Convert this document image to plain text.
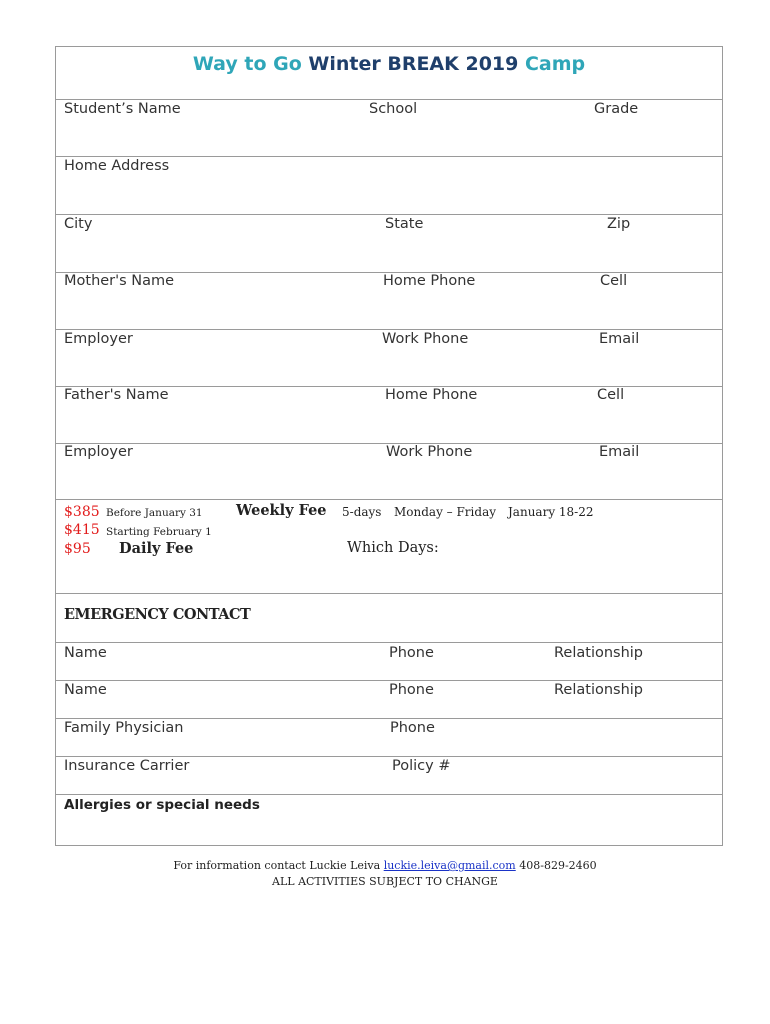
Way to Go Winter BREAK 2019 Camp
Student’s Name	School	Grade
Home Address
City	State	Zip
Mother's Name	Home Phone	Cell
Employer	Work Phone	Email
Father's Name	Home Phone	Cell
Employer	Work Phone	Email
$385 Before January 31 Weekly Fee 5-days Monday – Friday January 18-22
$415 Starting February 1
$95 Daily Fee	Which Days:
EMERGENCY CONTACT
Name	Phone	Relationship
Name	Phone	Relationship
Family Physician	Phone
Insurance Carrier	Policy #
Allergies or special needs
For information contact Luckie Leiva luckie.leiva@gmail.com 408-829-2460
ALL ACTIVITIES SUBJECT TO CHANGE
